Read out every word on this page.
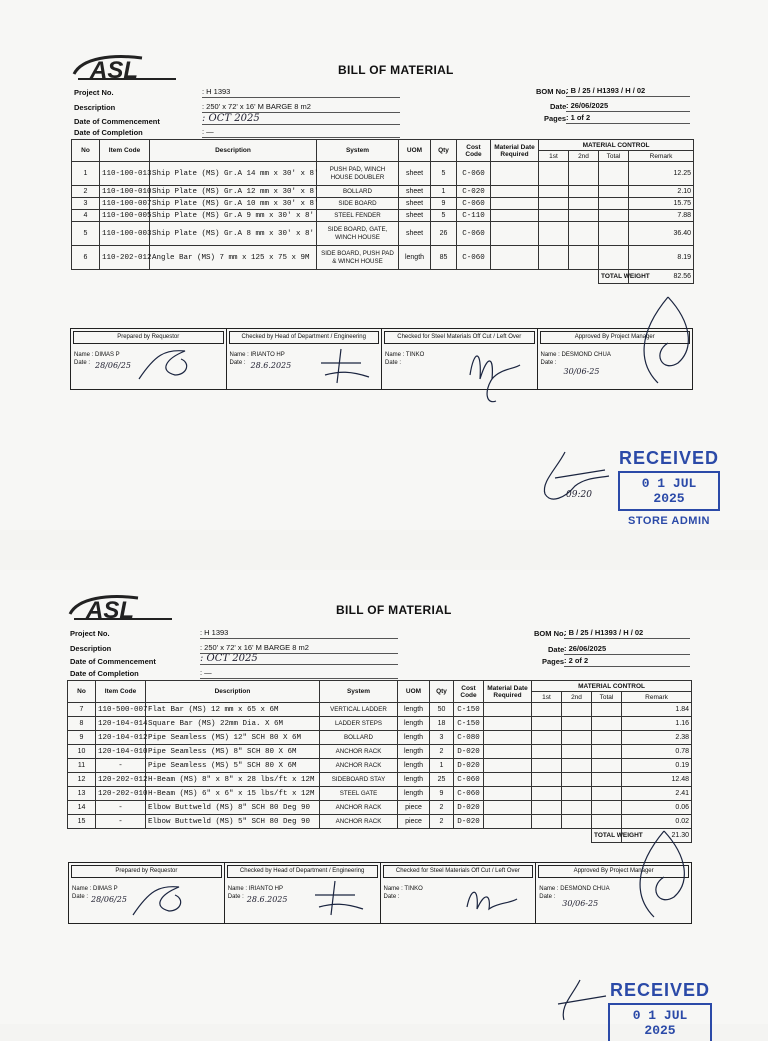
ASL	BILL OF MATERIAL
Project No.	: H 1393
Description	: 250' x 72' x 16' M BARGE 8 m2
Date of Commencement	: OCT 2025
Date of Completion	: —
BOM No.
: B / 25 / H1393 / H / 02
Date : 26/06/2025
Pages : 1 of 2
No	Item Code	Description	System	UOM	Qty	Cost Code	Material Date Required	MATERIAL CONTROL			
								1st	2nd	Total	Remark
1	110-100-013	Ship Plate (MS) Gr.A 14 mm x 30' x 8'	PUSH PAD, WINCH HOUSE DOUBLER	sheet	5	C-060					12.25
2	110-100-010	Ship Plate (MS) Gr.A 12 mm x 30' x 8'	BOLLARD	sheet	1	C-020					2.10
3	110-100-007	Ship Plate (MS) Gr.A 10 mm x 30' x 8'	SIDE BOARD	sheet	9	C-060					15.75
4	110-100-005	Ship Plate (MS) Gr.A 9 mm x 30' x 8'	STEEL FENDER	sheet	5	C-110					7.88
5	110-100-003	Ship Plate (MS) Gr.A 8 mm x 30' x 8'	SIDE BOARD, GATE, WINCH HOUSE	sheet	26	C-060					36.40
6	110-202-012	Angle Bar (MS) 7 mm x 125 x 75 x 9M	SIDE BOARD, PUSH PAD & WINCH HOUSE	length	85	C-060					8.19
										TOTAL WEIGHT	82.56
Prepared by Requestor
Name : DIMAS P
Date : 28/06/25
Checked by Head of Department / Engineering
Name : IRIANTO HP
Date : 28.6.2025
Checked for Steel Materials Off Cut / Left Over
Name : TINKO
Date :
Approved By Project Manager
Name : DESMOND CHUA
Date :
30/06-25
09:20
RECEIVED
0 1 JUL 2025
STORE ADMIN
ASL	BILL OF MATERIAL
Project No.	: H 1393
Description	: 250' x 72' x 16' M BARGE 8 m2
Date of Commencement	: OCT 2025
Date of Completion	: —
BOM No.
: B / 25 / H1393 / H / 02
Date : 26/06/2025
Pages : 2 of 2
No	Item Code	Description	System	UOM	Qty	Cost Code	Material Date Required	MATERIAL CONTROL			
								1st	2nd	Total	Remark
7	110-500-007	Flat Bar (MS) 12 mm x 65 x 6M	VERTICAL LADDER	length	50	C-150					1.84
8	120-104-014	Square Bar (MS) 22mm Dia. X 6M	LADDER STEPS	length	18	C-150					1.16
9	120-104-012	Pipe Seamless (MS) 12" SCH 80 X 6M	BOLLARD	length	3	C-080					2.38
10	120-104-010	Pipe Seamless (MS) 8" SCH 80 X 6M	ANCHOR RACK	length	2	D-020					0.78
11	-	Pipe Seamless (MS) 5" SCH 80 X 6M	ANCHOR RACK	length	1	D-020					0.19
12	120-202-012	H-Beam (MS) 8" x 8" x 28 lbs/ft x 12M	SIDEBOARD STAY	length	25	C-060					12.48
13	120-202-010	H-Beam (MS) 6" x 6" x 15 lbs/ft x 12M	STEEL GATE	length	9	C-060					2.41
14	-	Elbow Buttweld (MS) 8" SCH 80 Deg 90	ANCHOR RACK	piece	2	D-020					0.06
15	-	Elbow Buttweld (MS) 5" SCH 80 Deg 90	ANCHOR RACK	piece	2	D-020					0.02
										TOTAL WEIGHT	21.30
Prepared by Requestor
Name : DIMAS P
Date : 28/06/25
Checked by Head of Department / Engineering
Name : IRIANTO HP
Date : 28.6.2025
Checked for Steel Materials Off Cut / Left Over
Name : TINKO
Date :
Approved By Project Manager
Name : DESMOND CHUA
Date :
30/06-25
RECEIVED
0 1 JUL 2025
